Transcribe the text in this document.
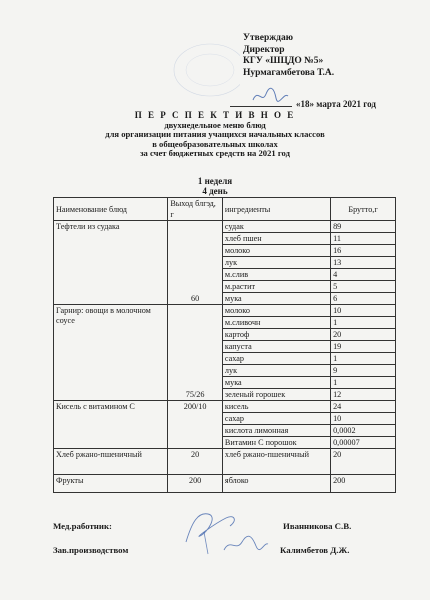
Утверждаю
Директор
КГУ «ШЦДО №5»
Нурмагамбетова Т.А.
«18» марта 2021 год
П Е Р С П Е К Т И В Н О Е
двухнедельное меню блюд
для организации питания учащихся начальных классов
в общеобразовательных школах
за счет бюджетных средств на 2021 год
1 неделя
4 день
Наименование блюд	Выход блгэд, г	ингредиенты	Брутто,г
Тефтели из судака	60	судак	89
		хлеб пшен	11
		молоко	16
		лук	13
		м.слив	4
		м.растит	5
		мука	6
Гарнир: овощи в молочном соусе	75/26	молоко	10
		м.сливочн	1
		картоф	20
		капуста	19
		сахар	1
		лук	9
		мука	1
		зеленый горошек	12
Кисель с витамином С	200/10	кисель	24
		сахар	10
		кислота лимонная	0,0002
		Витамин С порошок	0,00007
Хлеб ржано-пшеничный	20	хлеб ржано-пшеничный	20
Фрукты	200	яблоко	200
Мед.работник:	Иванникова С.В.
Зав.производством	Калимбетов Д.Ж.
